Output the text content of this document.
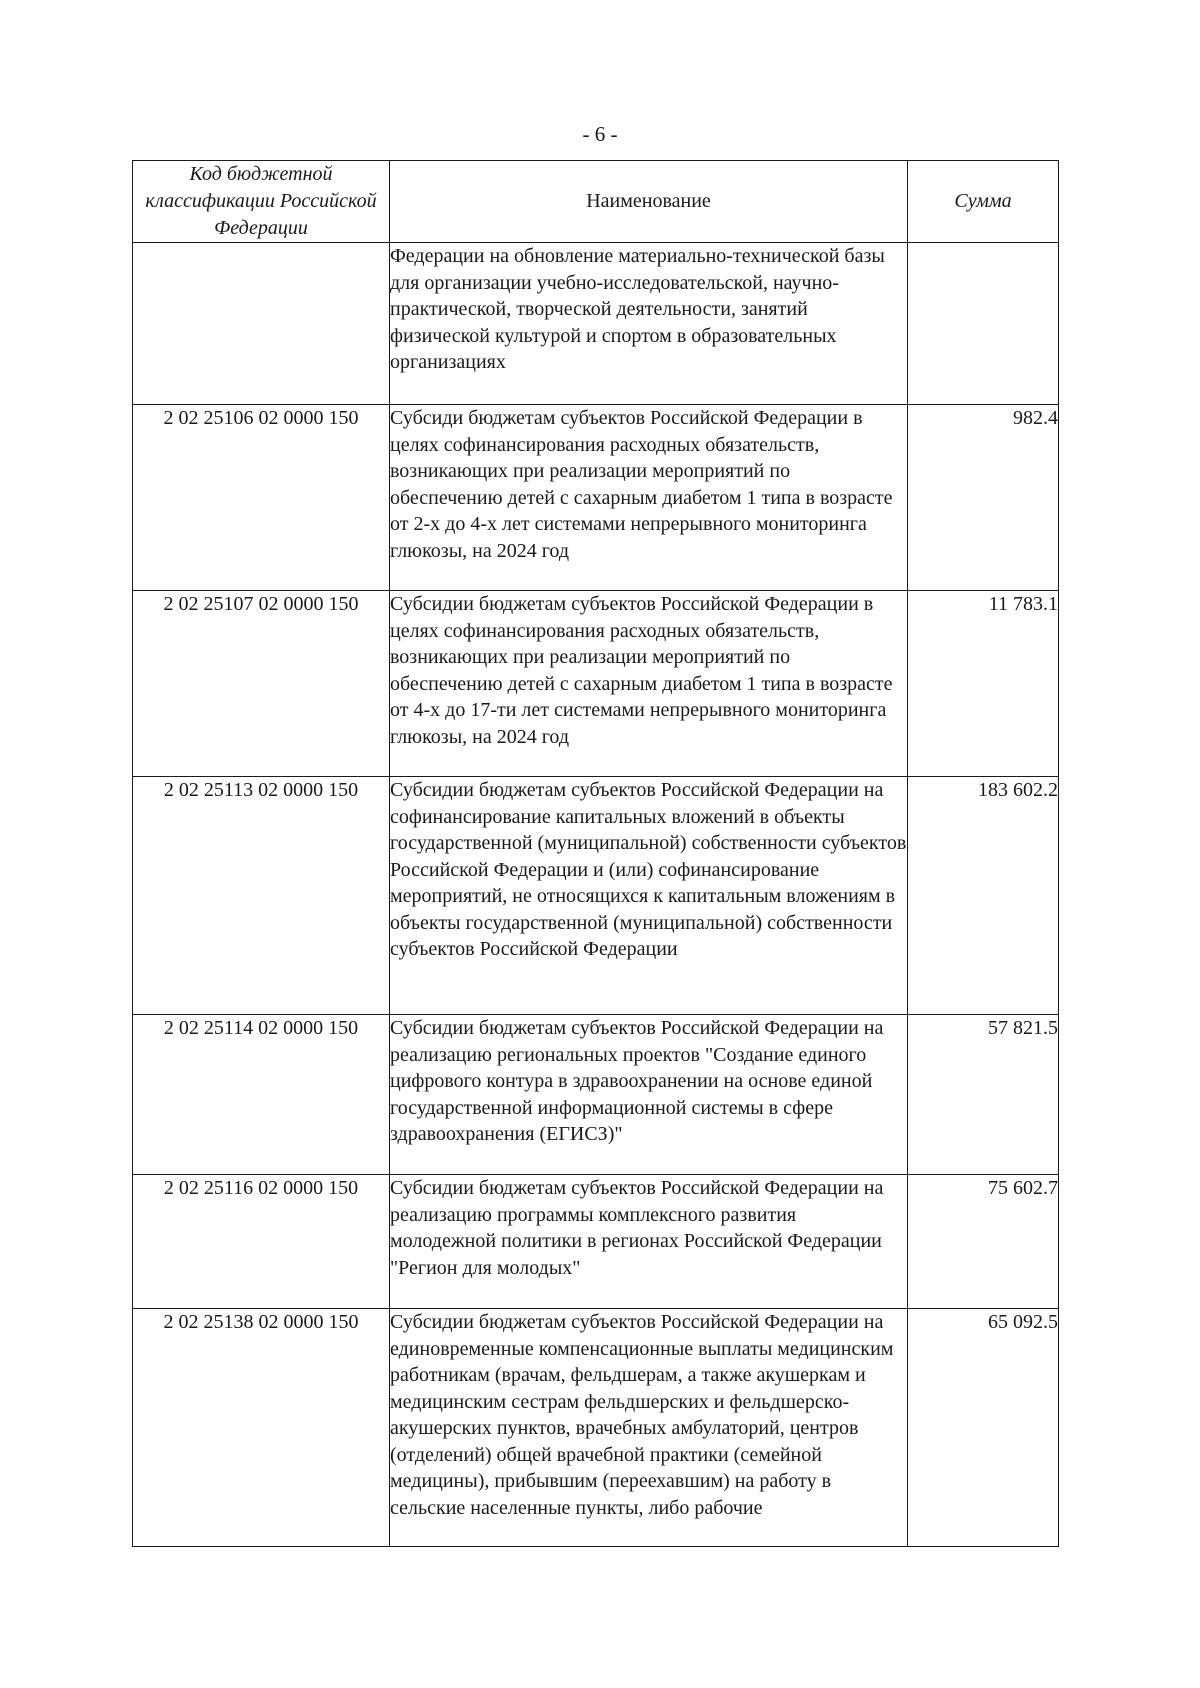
- 6 -
Код бюджетной классификации Российской Федерации	Наименование	Сумма
	Федерации на обновление материально-технической базы для организации учебно-исследовательской, научно-практической, творческой деятельности, занятий физической культурой и спортом в образовательных организациях	
2 02 25106 02 0000 150	Субсиди бюджетам субъектов Российской Федерации в целях софинансирования расходных обязательств, возникающих при реализации мероприятий по обеспечению детей с сахарным диабетом 1 типа в возрасте от 2-х до 4-х лет системами непрерывного мониторинга глюкозы, на 2024 год	982.4
2 02 25107 02 0000 150	Субсидии бюджетам субъектов Российской Федерации в целях софинансирования расходных обязательств, возникающих при реализации мероприятий по обеспечению детей с сахарным диабетом 1 типа в возрасте от 4-х до 17-ти лет системами непрерывного мониторинга глюкозы, на 2024 год	11 783.1
2 02 25113 02 0000 150	Субсидии бюджетам субъектов Российской Федерации на софинансирование капитальных вложений в объекты государственной (муниципальной) собственности субъектов Российской Федерации и (или) софинансирование мероприятий, не относящихся к капитальным вложениям в объекты государственной (муниципальной) собственности субъектов Российской Федерации	183 602.2
2 02 25114 02 0000 150	Субсидии бюджетам субъектов Российской Федерации на реализацию региональных проектов "Создание единого цифрового контура в здравоохранении на основе единой государственной информационной системы в сфере здравоохранения (ЕГИСЗ)"	57 821.5
2 02 25116 02 0000 150	Субсидии бюджетам субъектов Российской Федерации на реализацию программы комплексного развития молодежной политики в регионах Российской Федерации "Регион для молодых"	75 602.7
2 02 25138 02 0000 150	Субсидии бюджетам субъектов Российской Федерации на единовременные компенсационные выплаты медицинским работникам (врачам, фельдшерам, а также акушеркам и медицинским сестрам фельдшерских и фельдшерско-акушерских пунктов, врачебных амбулаторий, центров (отделений) общей врачебной практики (семейной медицины), прибывшим (переехавшим) на работу в сельские населенные пункты, либо рабочие	65 092.5
